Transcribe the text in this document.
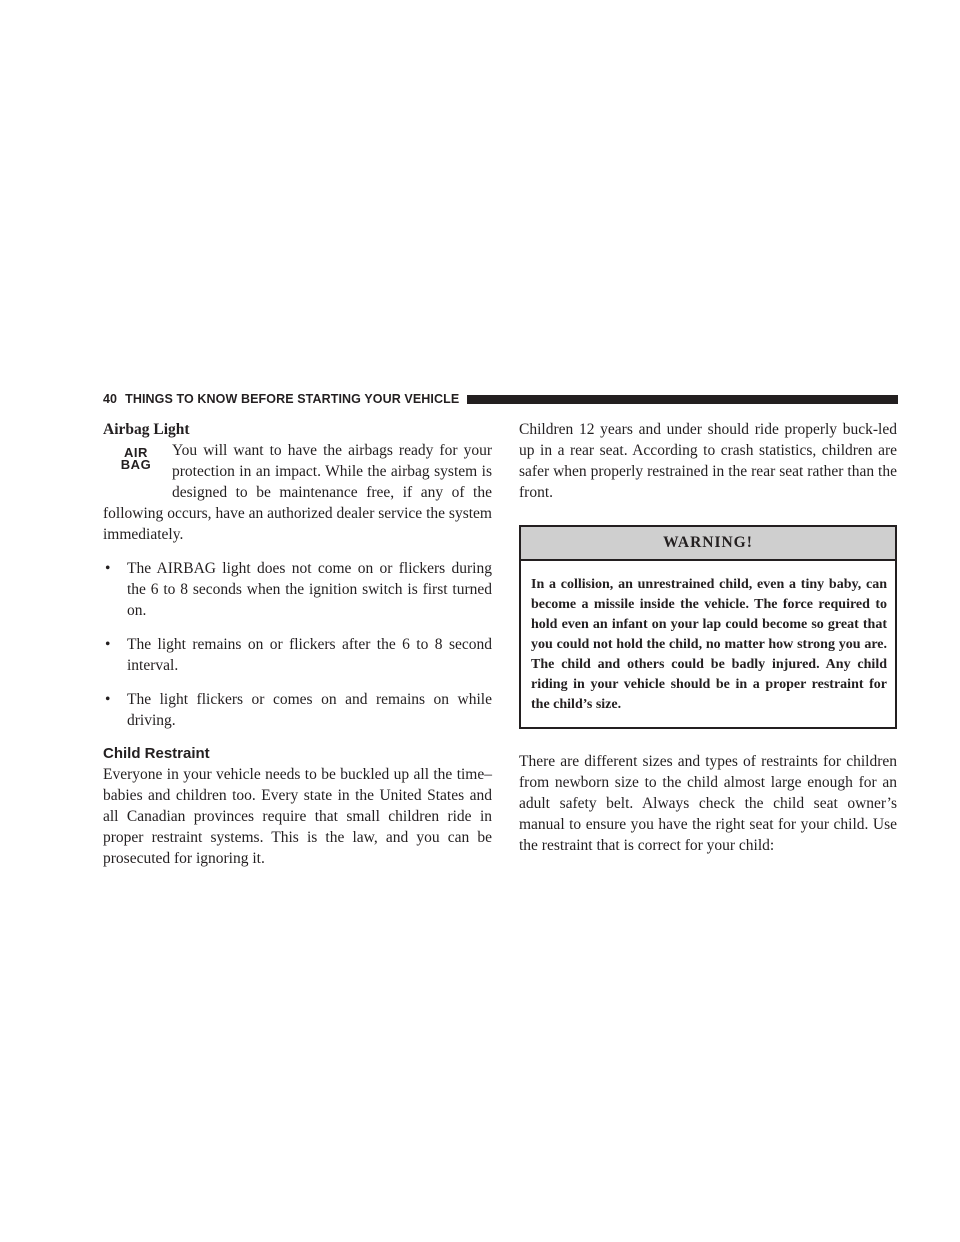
40 THINGS TO KNOW BEFORE STARTING YOUR VEHICLE

Airbag Light

AIR
BAG

You will want to have the airbags ready for your protection in an impact. While the airbag system is designed to be maintenance free, if any of the following occurs, have an authorized dealer service the system immediately.

• The AIRBAG light does not come on or flickers during the 6 to 8 seconds when the ignition switch is first turned on.
• The light remains on or flickers after the 6 to 8 second interval.
• The light flickers or comes on and remains on while driving.

Child Restraint

Everyone in your vehicle needs to be buckled up all the time– babies and children too. Every state in the United States and all Canadian provinces require that small children ride in proper restraint systems. This is the law, and you can be prosecuted for ignoring it.

Children 12 years and under should ride properly buck-led up in a rear seat. According to crash statistics, children are safer when properly restrained in the rear seat rather than the front.

WARNING!
In a collision, an unrestrained child, even a tiny baby, can become a missile inside the vehicle. The force required to hold even an infant on your lap could become so great that you could not hold the child, no matter how strong you are. The child and others could be badly injured. Any child riding in your vehicle should be in a proper restraint for the child’s size.

There are different sizes and types of restraints for children from newborn size to the child almost large enough for an adult safety belt. Always check the child seat owner’s manual to ensure you have the right seat for your child. Use the restraint that is correct for your child:
